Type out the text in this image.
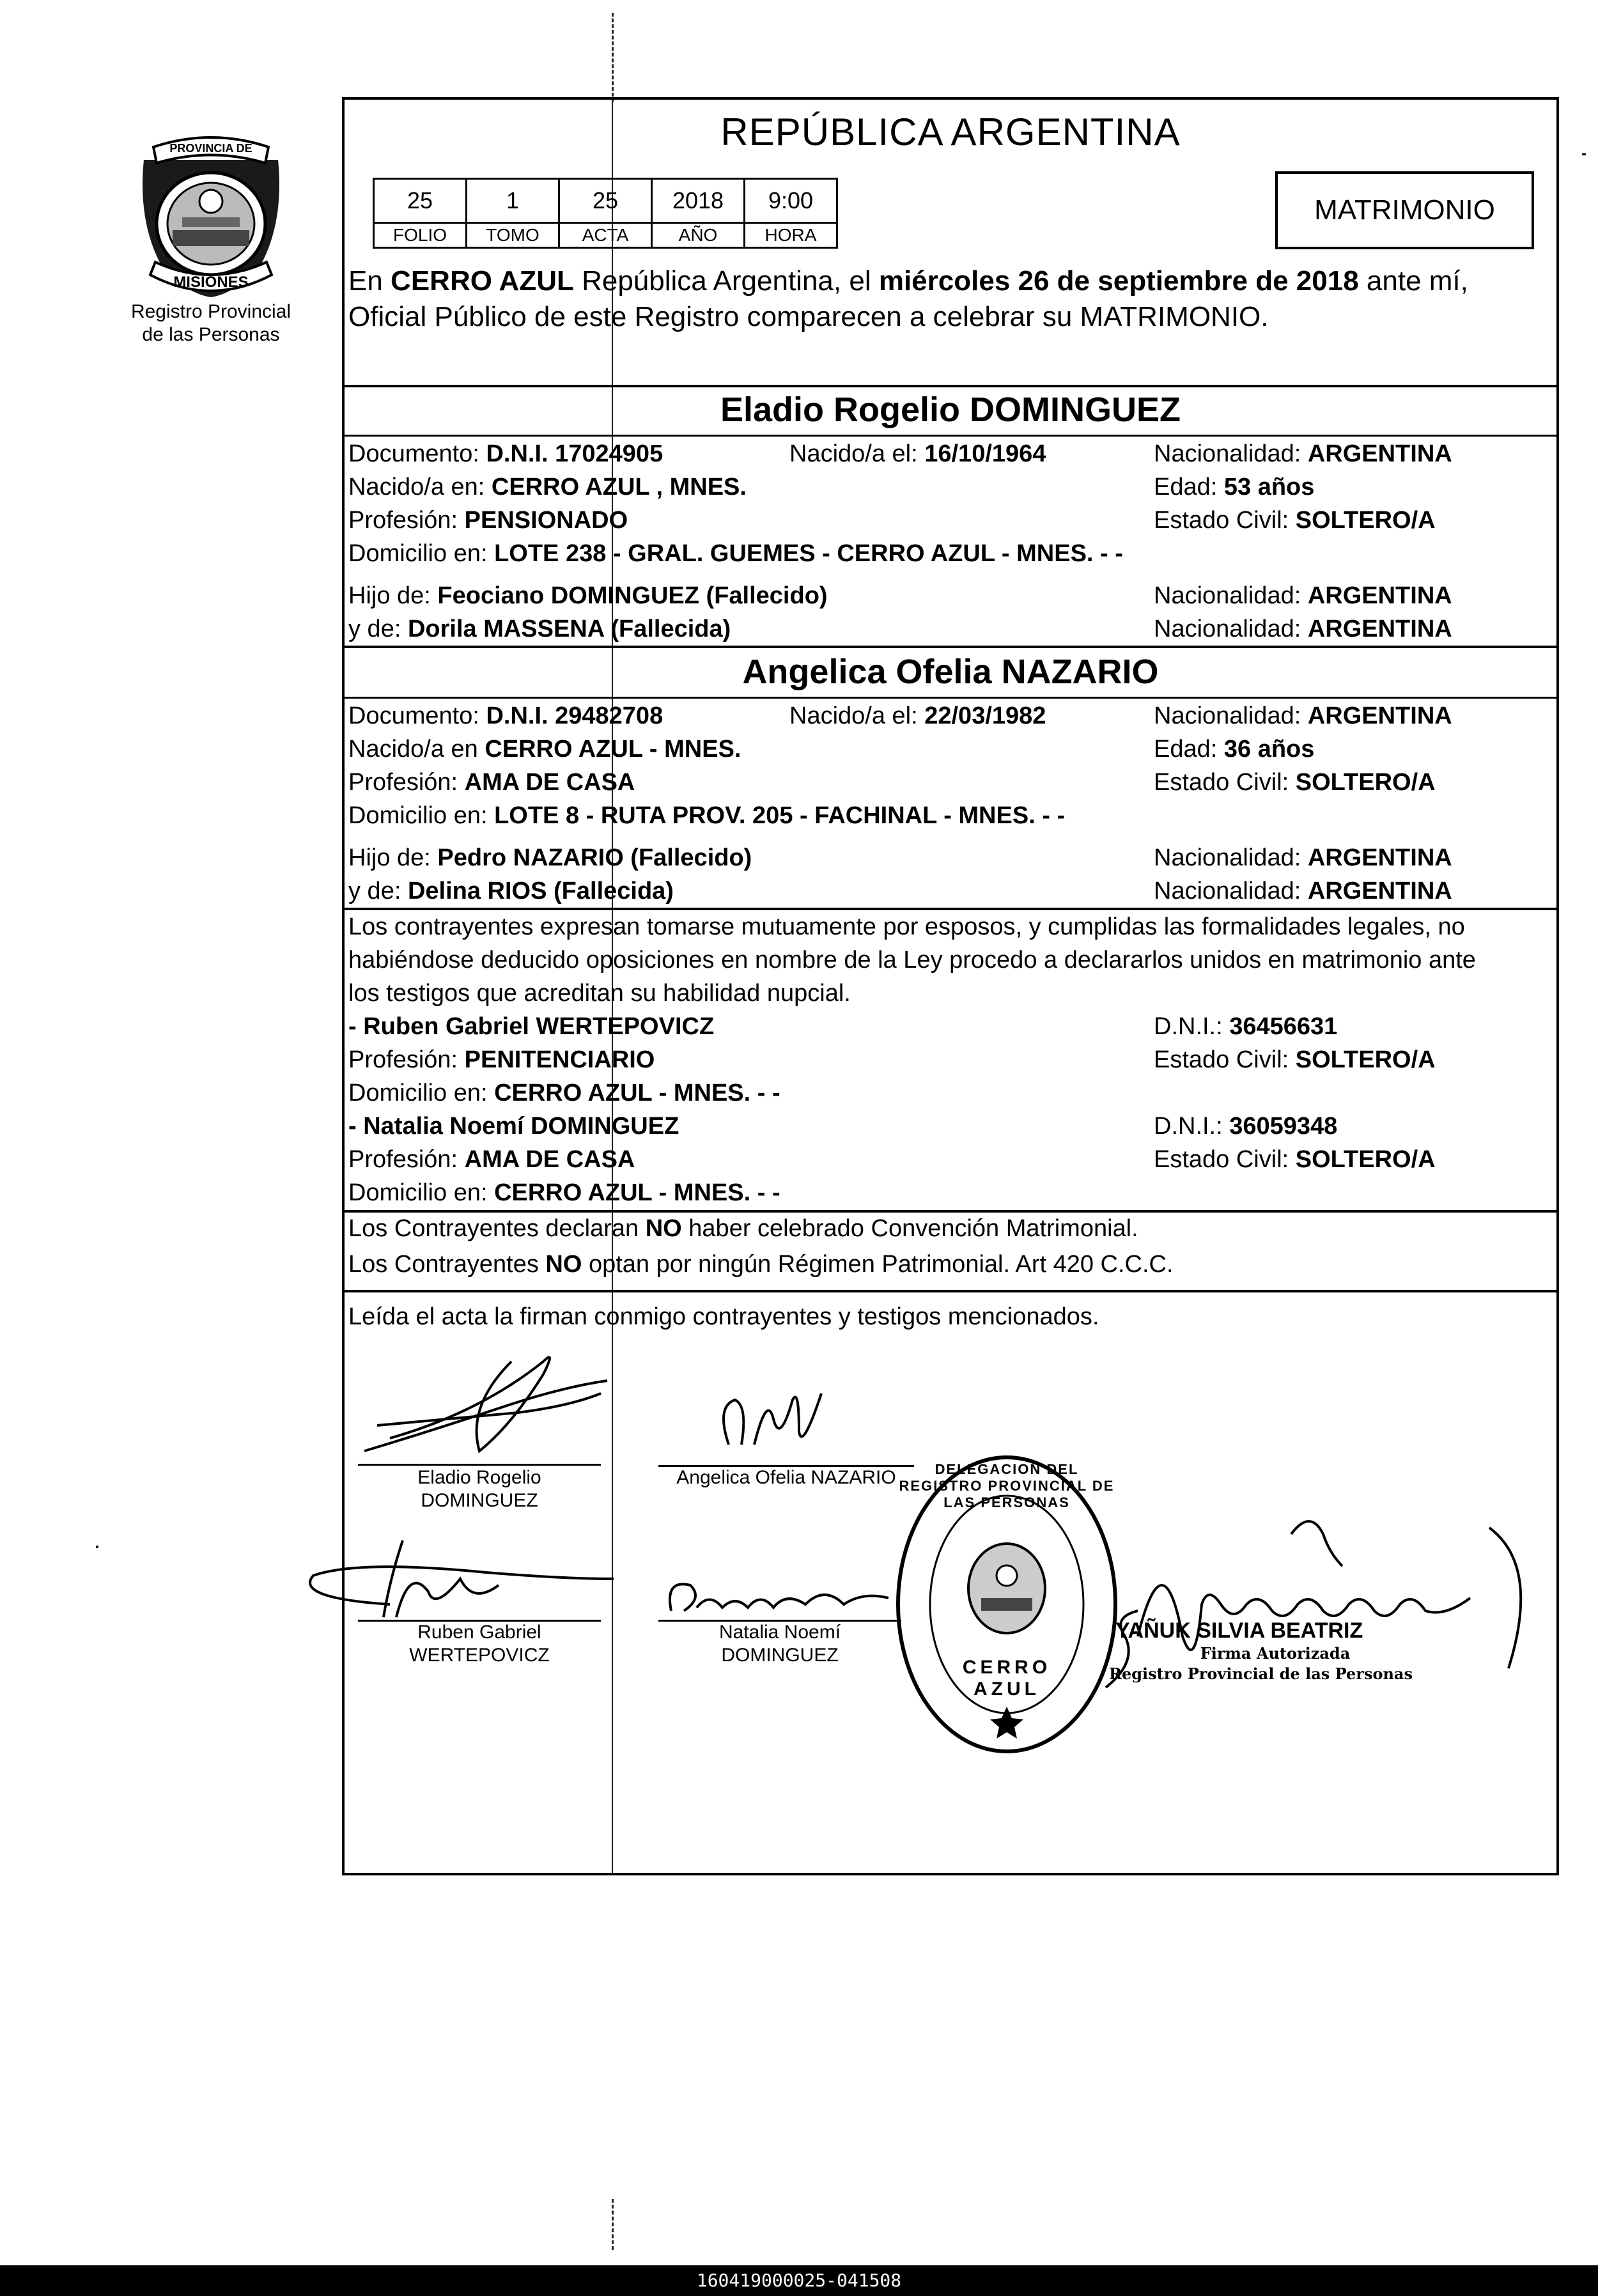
PROVINCIA DE
MISIONES
Registro Provincial
de las Personas
REPÚBLICA ARGENTINA
25	1	25	2018	9:00
FOLIO	TOMO	ACTA	AÑO	HORA
MATRIMONIO
En CERRO AZUL República Argentina, el miércoles 26 de septiembre de 2018 ante mí,
Oficial Público de este Registro comparecen a celebrar su MATRIMONIO.
Eladio Rogelio DOMINGUEZ
Documento: D.N.I. 17024905	Nacido/a el: 16/10/1964	Nacionalidad: ARGENTINA
Nacido/a en: CERRO AZUL , MNES.	Edad: 53 años
Profesión: PENSIONADO	Estado Civil: SOLTERO/A
Domicilio en: LOTE 238 - GRAL. GUEMES - CERRO AZUL - MNES. - -
Hijo de: Feociano DOMINGUEZ (Fallecido)	Nacionalidad: ARGENTINA
y de: Dorila MASSENA (Fallecida)	Nacionalidad: ARGENTINA
Angelica Ofelia NAZARIO
Documento: D.N.I. 29482708	Nacido/a el: 22/03/1982	Nacionalidad: ARGENTINA
Nacido/a en CERRO AZUL - MNES.	Edad: 36 años
Profesión: AMA DE CASA	Estado Civil: SOLTERO/A
Domicilio en: LOTE 8 - RUTA PROV. 205 - FACHINAL - MNES. - -
Hijo de: Pedro NAZARIO (Fallecido)	Nacionalidad: ARGENTINA
y de: Delina RIOS (Fallecida)	Nacionalidad: ARGENTINA
Los contrayentes expresan tomarse mutuamente por esposos, y cumplidas las formalidades legales, no
habiéndose deducido oposiciones en nombre de la Ley procedo a declararlos unidos en matrimonio ante
los testigos que acreditan su habilidad nupcial.
- Ruben Gabriel WERTEPOVICZ	D.N.I.: 36456631
Profesión: PENITENCIARIO	Estado Civil: SOLTERO/A
Domicilio en: CERRO AZUL - MNES. - -
- Natalia Noemí DOMINGUEZ	D.N.I.: 36059348
Profesión: AMA DE CASA	Estado Civil: SOLTERO/A
Domicilio en: CERRO AZUL - MNES. - -
Los Contrayentes declaran NO haber celebrado Convención Matrimonial.
Los Contrayentes NO optan por ningún Régimen Patrimonial. Art 420 C.C.C.
Leída el acta la firman conmigo contrayentes y testigos mencionados.
Eladio Rogelio
DOMINGUEZ
Angelica Ofelia NAZARIO
Ruben Gabriel
WERTEPOVICZ
Natalia Noemí
DOMINGUEZ
DELEGACION DEL REGISTRO PROVINCIAL DE LAS PERSONAS
CERRO AZUL
YAÑUK SILVIA BEATRIZ
Firma Autorizada
Registro Provincial de las Personas
160419000025-041508
